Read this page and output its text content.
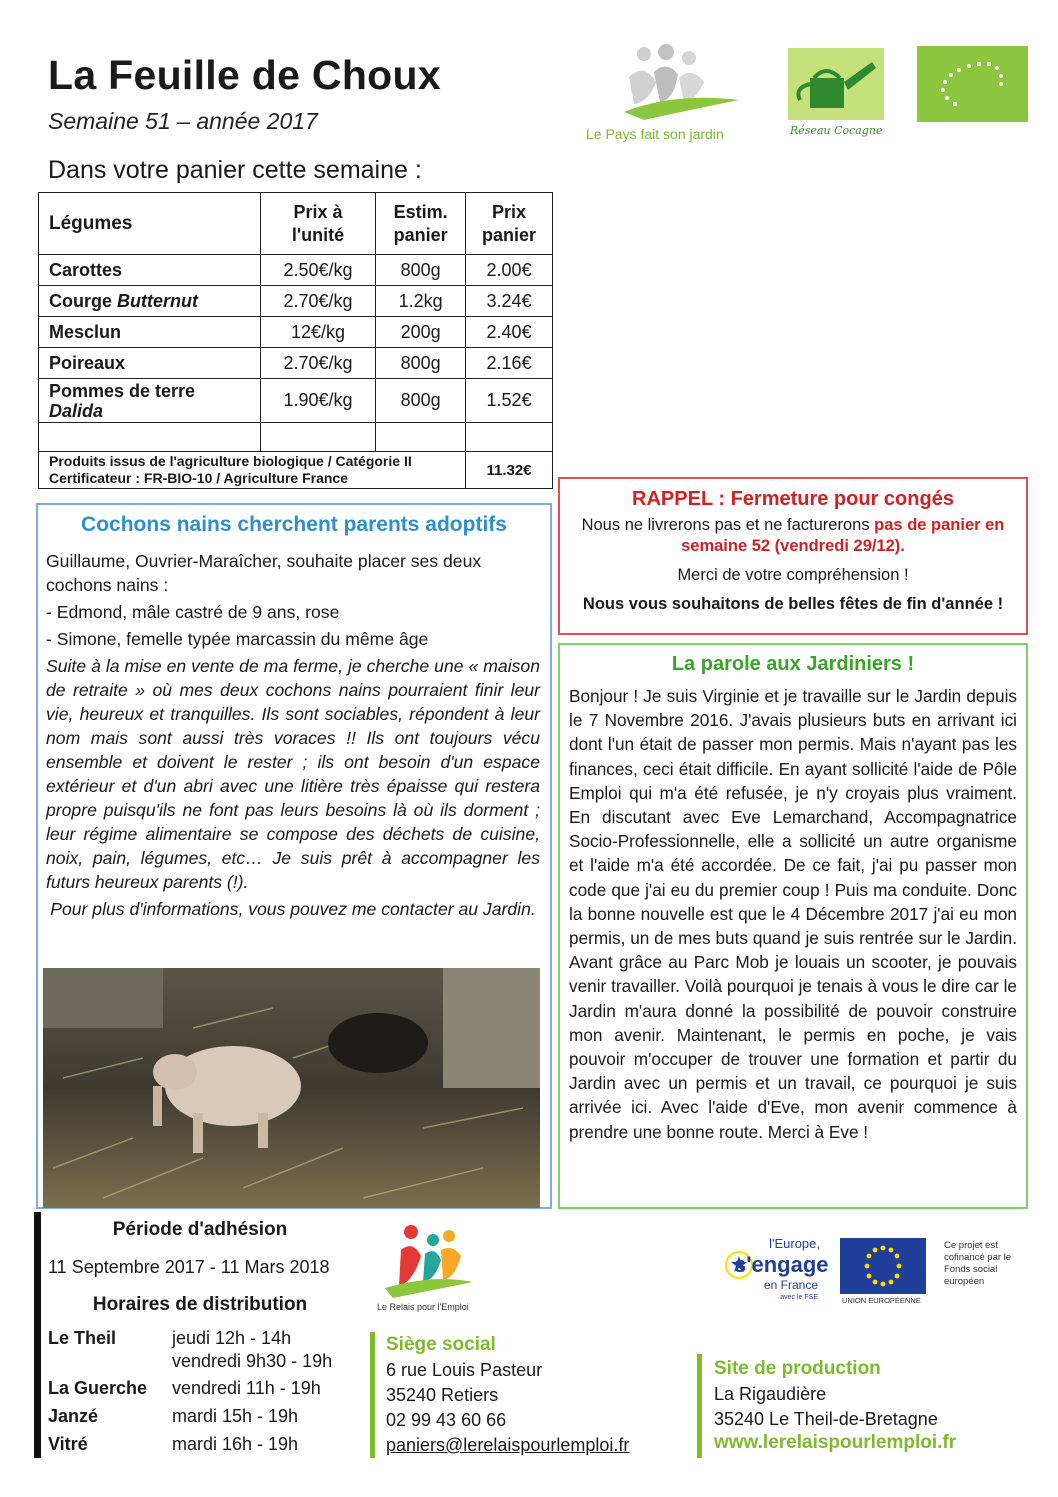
La Feuille de Choux
Semaine 51 – année 2017	Le Pays fait son jardin	Réseau Cocagne
Dans votre panier cette semaine :
Légumes	Prix à l'unité	Estim. panier	Prix panier
Carottes	2.50€/kg	800g	2.00€
Courge Butternut	2.70€/kg	1.2kg	3.24€
Mesclun	12€/kg	200g	2.40€
Poireaux	2.70€/kg	800g	2.16€
Pommes de terre
Dalida	1.90€/kg	800g	1.52€

Produits issus de l'agriculture biologique / Catégorie II
Certificateur : FR-BIO-10 / Agriculture France			11.32€
Cochons nains cherchent parents adoptifs

Guillaume, Ouvrier-Maraîcher, souhaite placer ses deux cochons nains :

- Edmond, mâle castré de 9 ans, rose

- Simone, femelle typée marcassin du même âge

Suite à la mise en vente de ma ferme, je cherche une « maison de retraite » où mes deux cochons nains pourraient finir leur vie, heureux et tranquilles. Ils sont sociables, répondent à leur nom mais sont aussi très voraces !! Ils ont toujours vécu ensemble et doivent le rester ; ils ont besoin d'un espace extérieur et d'un abri avec une litière très épaisse qui restera propre puisqu'ils ne font pas leurs besoins là où ils dorment ; leur régime alimentaire se compose des déchets de cuisine, noix, pain, légumes, etc… Je suis prêt à accompagner les futurs heureux parents (!).

Pour plus d'informations, vous pouvez me contacter au Jardin.

RAPPEL : Fermeture pour congés

Nous ne livrerons pas et ne facturerons pas de panier en semaine 52 (vendredi 29/12).

Merci de votre compréhension !

Nous vous souhaitons de belles fêtes de fin d'année !

La parole aux Jardiniers !
Bonjour ! Je suis Virginie et je travaille sur le Jardin depuis le 7 Novembre 2016. J'avais plusieurs buts en arrivant ici dont l'un était de passer mon permis. Mais n'ayant pas les finances, ceci était difficile. En ayant sollicité l'aide de Pôle Emploi qui m'a été refusée, je n'y croyais plus vraiment. En discutant avec Eve Lemarchand, Accompagnatrice Socio-Professionnelle, elle a sollicité un autre organisme et l'aide m'a été accordée. De ce fait, j'ai pu passer mon code que j'ai eu du premier coup ! Puis ma conduite. Donc la bonne nouvelle est que le 4 Décembre 2017 j'ai eu mon permis, un de mes buts quand je suis rentrée sur le Jardin. Avant grâce au Parc Mob je louais un scooter, je pouvais venir travailler. Voilà pourquoi je tenais à vous le dire car le Jardin m'aura donné la possibilité de pouvoir construire mon avenir. Maintenant, le permis en poche, je vais pouvoir m'occuper de trouver une formation et partir du Jardin avec un permis et un travail, ce pourquoi je suis arrivée ici. Avec l'aide d'Eve, mon avenir commence à prendre une bonne route. Merci à Eve !
Période d'adhésion
11 Septembre 2017 - 11 Mars 2018
Horaires de distribution
Le Theil	jeudi 12h - 14h
vendredi 9h30 - 19h
La Guerche vendredi 11h - 19h
Janzé	mardi 15h - 19h
Vitré	mardi 16h - 19h
Le Relais pour l'Emploi
Siège social
6 rue Louis Pasteur
35240 Retiers
02 99 43 60 66
paniers@lerelaispourlemploi.fr
Site de production
La Rigaudière
35240 Le Theil-de-Bretagne
www.lerelaispourlemploi.fr
l'Europe,
s'engage
en France
avec le FSE	UNION EUROPÉENNE
Ce projet est cofinancé par le Fonds social européen
